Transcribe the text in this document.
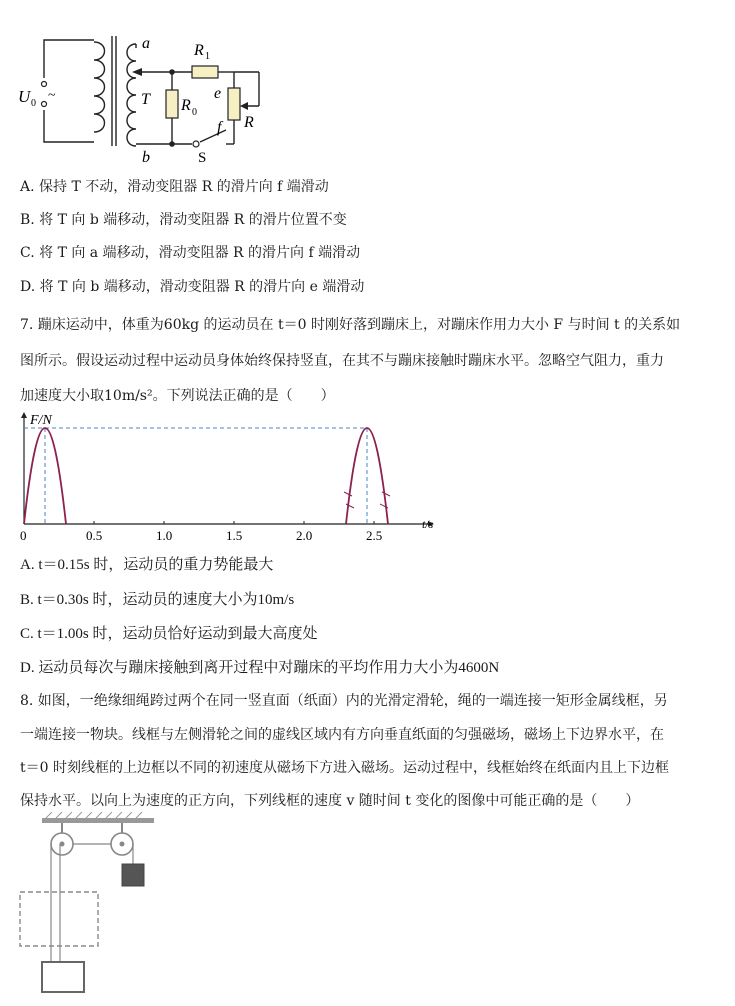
U 0
~	T
a
b
R 1
R 0
R
e
f
S
A. 保持 T 不动，滑动变阻器 R 的滑片向 f 端滑动
B. 将 T 向 b 端移动，滑动变阻器 R 的滑片位置不变
C. 将 T 向 a 端移动，滑动变阻器 R 的滑片向 f 端滑动
D. 将 T 向 b 端移动，滑动变阻器 R 的滑片向 e 端滑动
7. 蹦床运动中，体重为60kg 的运动员在 t＝0 时刚好落到蹦床上，对蹦床作用力大小 F 与时间 t 的关系如
图所示。假设运动过程中运动员身体始终保持竖直，在其不与蹦床接触时蹦床水平。忽略空气阻力，重力
加速度大小取10m/s²。下列说法正确的是（　　）
F/N
t/s
0	0.5	1.0	1.5	2.0	2.5
A. t＝0.15s 时，运动员的重力势能最大
B. t＝0.30s 时，运动员的速度大小为10m/s
C. t＝1.00s 时，运动员恰好运动到最大高度处
D. 运动员每次与蹦床接触到离开过程中对蹦床的平均作用力大小为4600N
8. 如图，一绝缘细绳跨过两个在同一竖直面（纸面）内的光滑定滑轮，绳的一端连接一矩形金属线框，另
一端连接一物块。线框与左侧滑轮之间的虚线区域内有方向垂直纸面的匀强磁场，磁场上下边界水平，在
t＝0 时刻线框的上边框以不同的初速度从磁场下方进入磁场。运动过程中，线框始终在纸面内且上下边框
保持水平。以向上为速度的正方向，下列线框的速度 v 随时间 t 变化的图像中可能正确的是（　　）
